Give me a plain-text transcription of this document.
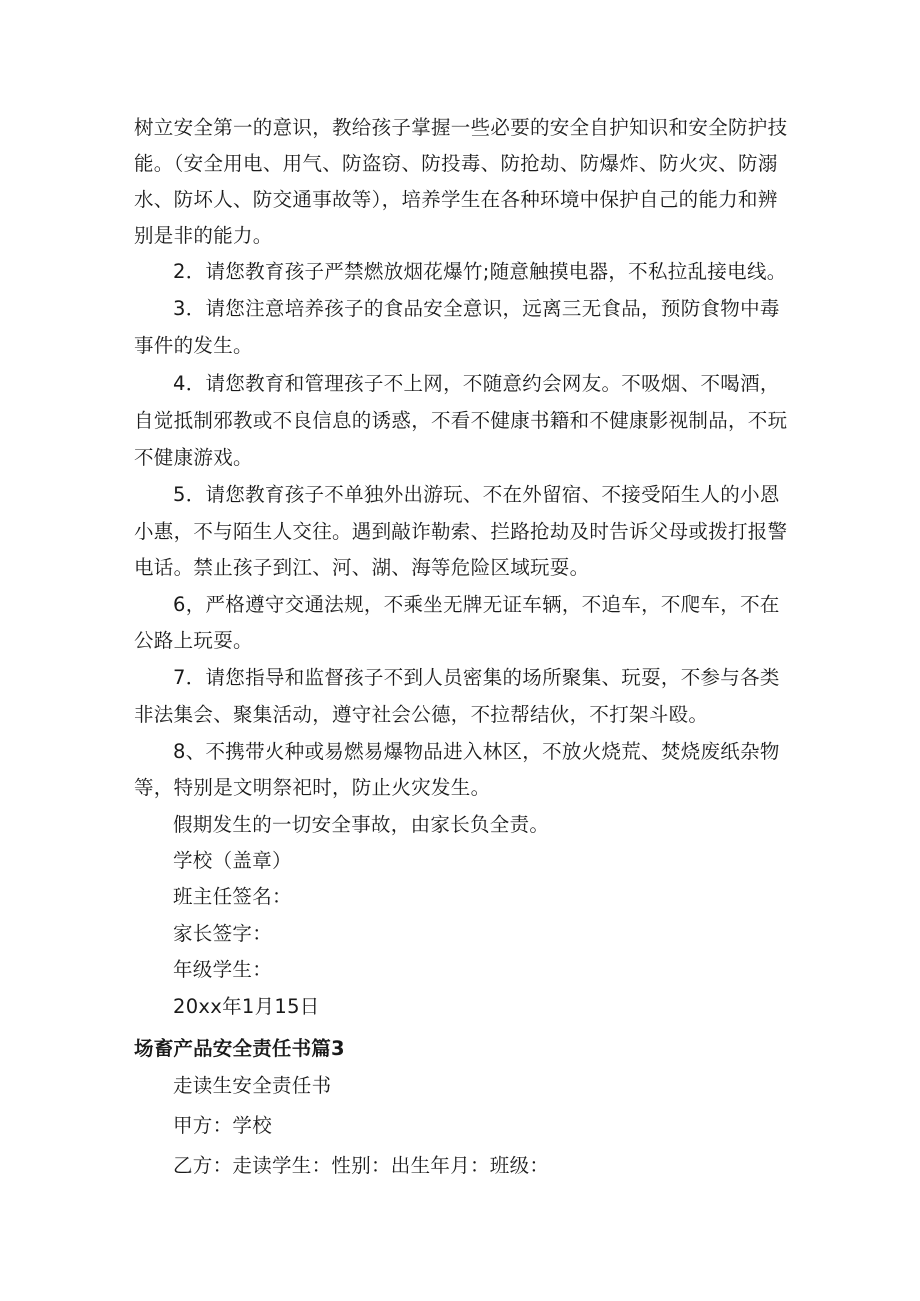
树立安全第一的意识，教给孩子掌握一些必要的安全自护知识和安全防护技
能。（安全用电、用气、防盗窃、防投毒、防抢劫、防爆炸、防火灾、防溺
水、防坏人、防交通事故等），培养学生在各种环境中保护自己的能力和辨
别是非的能力。
2．请您教育孩子严禁燃放烟花爆竹;随意触摸电器，不私拉乱接电线。
3．请您注意培养孩子的食品安全意识，远离三无食品，预防食物中毒
事件的发生。
4．请您教育和管理孩子不上网，不随意约会网友。不吸烟、不喝酒，
自觉抵制邪教或不良信息的诱惑，不看不健康书籍和不健康影视制品，不玩
不健康游戏。
5．请您教育孩子不单独外出游玩、不在外留宿、不接受陌生人的小恩
小惠，不与陌生人交往。遇到敲诈勒索、拦路抢劫及时告诉父母或拨打报警
电话。禁止孩子到江、河、湖、海等危险区域玩耍。
6，严格遵守交通法规，不乘坐无牌无证车辆，不追车，不爬车，不在
公路上玩耍。
7．请您指导和监督孩子不到人员密集的场所聚集、玩耍，不参与各类
非法集会、聚集活动，遵守社会公德，不拉帮结伙，不打架斗殴。
8、不携带火种或易燃易爆物品进入林区，不放火烧荒、焚烧废纸杂物
等，特别是文明祭祀时，防止火灾发生。
假期发生的一切安全事故，由家长负全责。
学校（盖章）
班主任签名：
家长签字：
年级学生：
20xx年1月15日
场畜产品安全责任书篇3
走读生安全责任书
甲方：学校
乙方：走读学生：性别：出生年月：班级：
